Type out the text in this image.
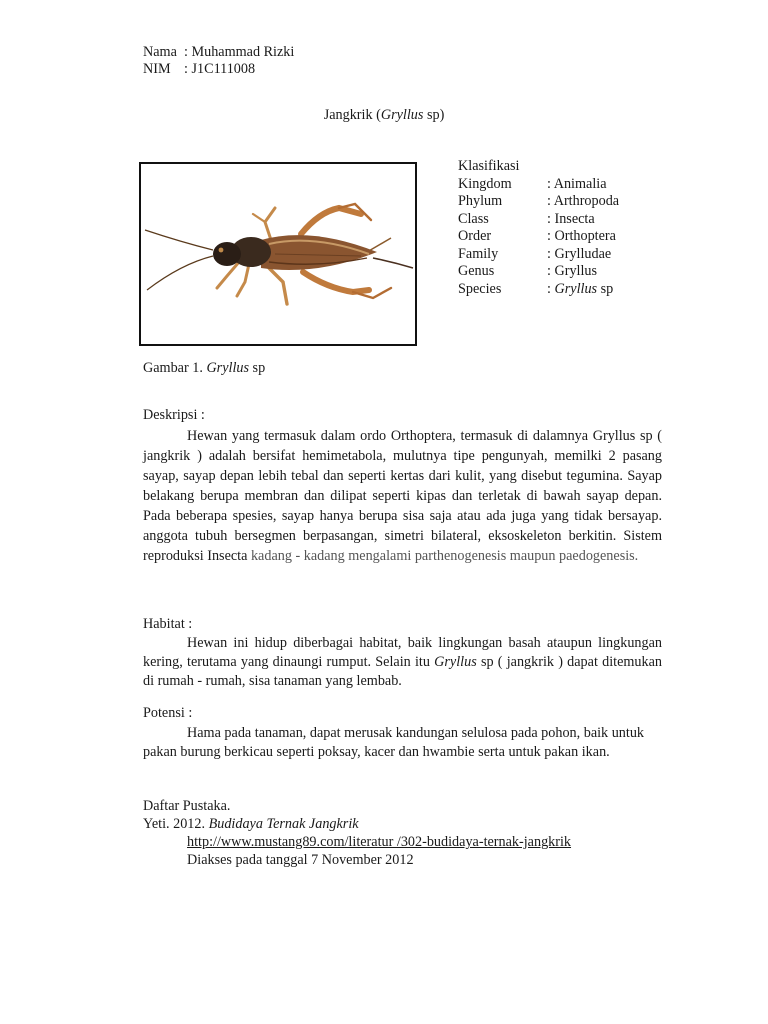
Nama : Muhammad Rizki
NIM : J1C111008
Jangkrik (Gryllus sp)
Gambar 1. Gryllus sp
Klasifikasi
Kingdom	: Animalia
Phylum	: Arthropoda
Class	: Insecta
Order	: Orthoptera
Family	: Grylludae
Genus	: Gryllus
Species	: Gryllus sp
Deskripsi :
Hewan yang termasuk dalam ordo Orthoptera, termasuk di dalamnya Gryllus sp ( jangkrik ) adalah bersifat hemimetabola, mulutnya tipe pengunyah, memilki 2 pasang sayap, sayap depan lebih tebal dan seperti kertas dari kulit, yang disebut tegumina. Sayap belakang berupa membran dan dilipat seperti kipas dan terletak di bawah sayap depan. Pada beberapa spesies, sayap hanya berupa sisa saja atau ada juga yang tidak bersayap. anggota tubuh bersegmen berpasangan, simetri bilateral, eksoskeleton berkitin. Sistem reproduksi Insecta kadang - kadang mengalami parthenogenesis maupun paedogenesis.
Habitat :
Hewan ini hidup diberbagai habitat, baik lingkungan basah ataupun lingkungan kering, terutama yang dinaungi rumput. Selain itu Gryllus sp ( jangkrik ) dapat ditemukan di rumah - rumah, sisa tanaman yang lembab.
Potensi :
Hama pada tanaman, dapat merusak kandungan selulosa pada pohon, baik untuk pakan burung berkicau seperti poksay, kacer dan hwambie serta untuk pakan ikan.
Daftar Pustaka.
Yeti. 2012. Budidaya Ternak Jangkrik
http://www.mustang89.com/literatur /302-budidaya-ternak-jangkrik
Diakses pada tanggal 7 November 2012
